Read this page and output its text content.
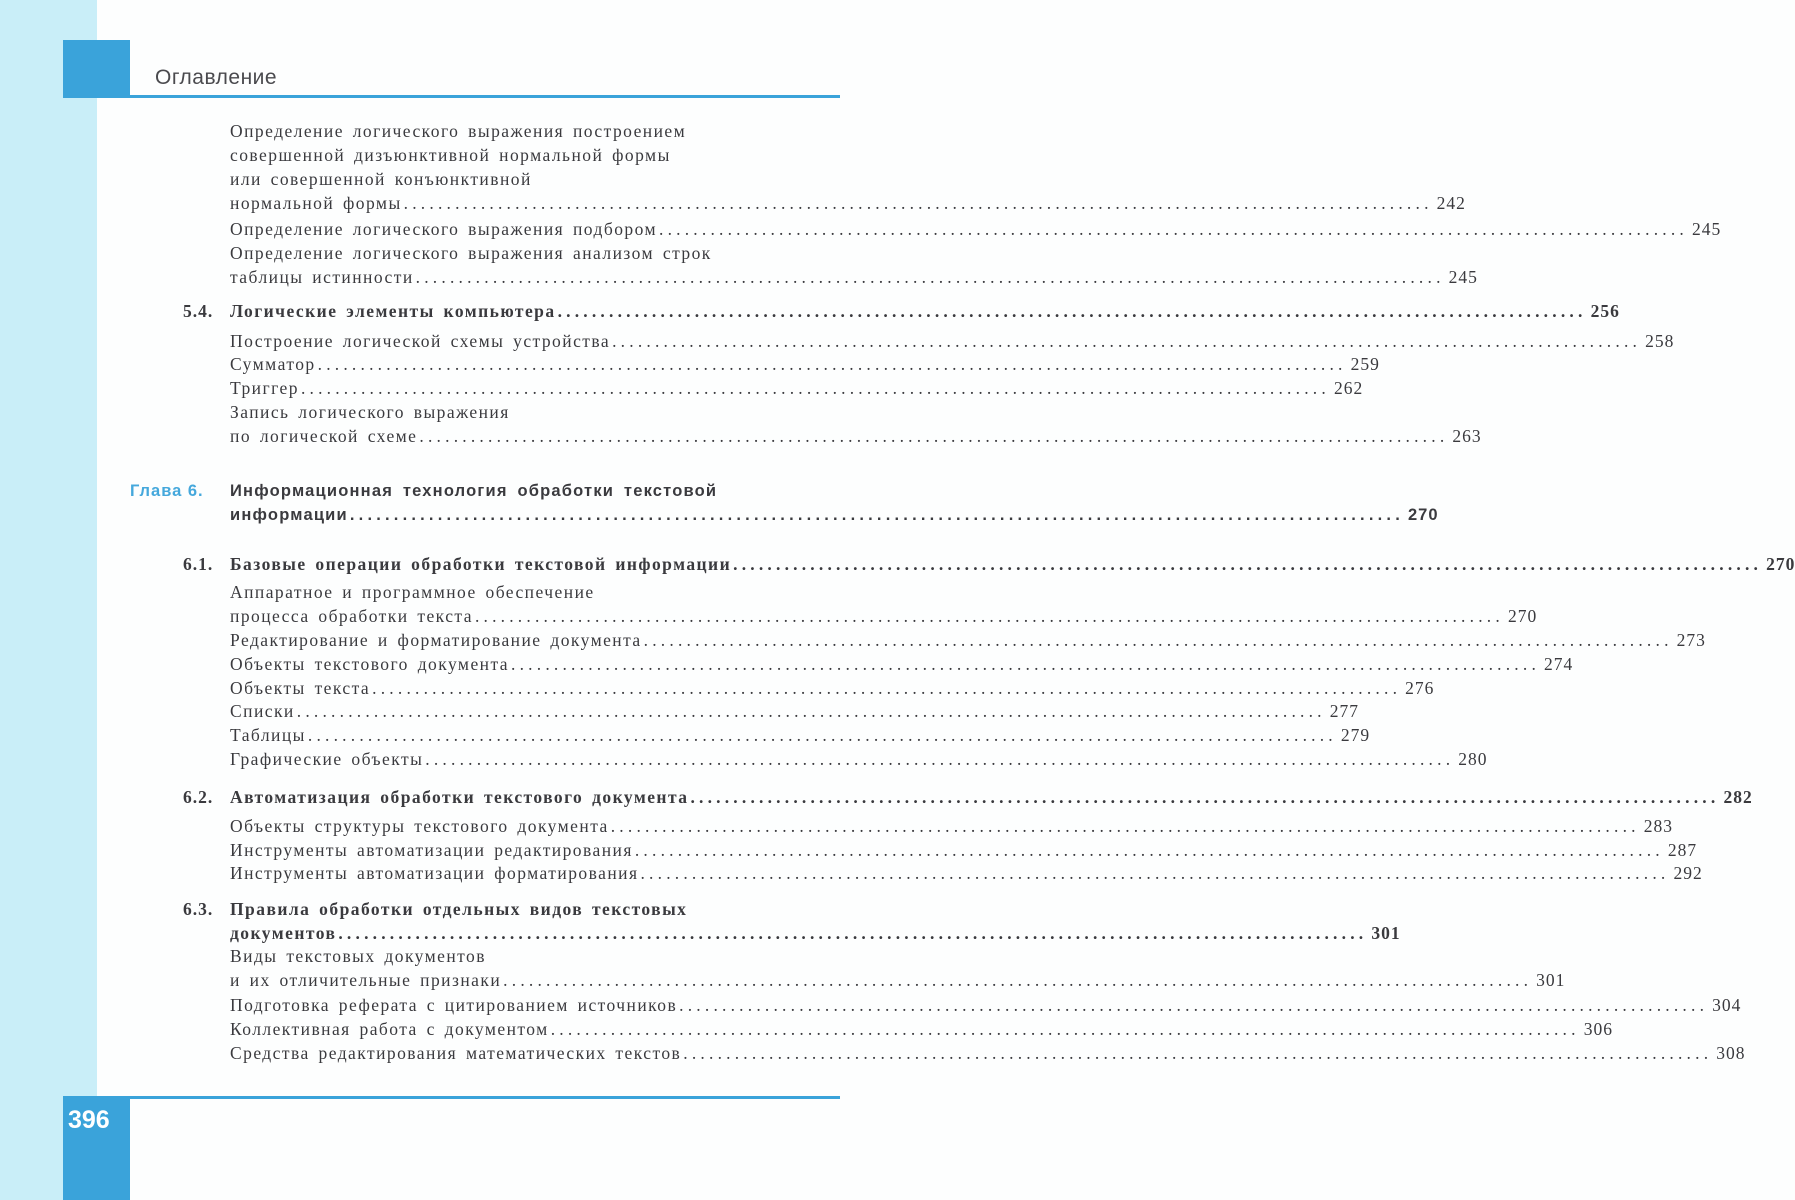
Оглавление
396
Определение логического выражения построением
совершенной дизъюнктивной нормальной формы
или совершенной конъюнктивной
нормальной формы ........................................................................................................................ 242
Определение логического выражения подбором ........................................................................................................................ 245
Определение логического выражения анализом строк
таблицы истинности ........................................................................................................................ 245
5.4. Логические элементы компьютера ........................................................................................................................ 256
Построение логической схемы устройства ........................................................................................................................ 258
Сумматор ........................................................................................................................ 259
Триггер ........................................................................................................................ 262
Запись логического выражения
по логической схеме ........................................................................................................................ 263
Глава 6. Информационная технология обработки текстовой
информации ........................................................................................................................ 270
6.1. Базовые операции обработки текстовой информации ........................................................................................................................ 270
Аппаратное и программное обеспечение
процесса обработки текста ........................................................................................................................ 270
Редактирование и форматирование документа ........................................................................................................................ 273
Объекты текстового документа ........................................................................................................................ 274
Объекты текста ........................................................................................................................ 276
Списки ........................................................................................................................ 277
Таблицы ........................................................................................................................ 279
Графические объекты ........................................................................................................................ 280
6.2. Автоматизация обработки текстового документа ........................................................................................................................ 282
Объекты структуры текстового документа ........................................................................................................................ 283
Инструменты автоматизации редактирования ........................................................................................................................ 287
Инструменты автоматизации форматирования ........................................................................................................................ 292
6.3. Правила обработки отдельных видов текстовых
документов ........................................................................................................................ 301
Виды текстовых документов
и их отличительные признаки ........................................................................................................................ 301
Подготовка реферата с цитированием источников ........................................................................................................................ 304
Коллективная работа с документом ........................................................................................................................ 306
Средства редактирования математических текстов ........................................................................................................................ 308
